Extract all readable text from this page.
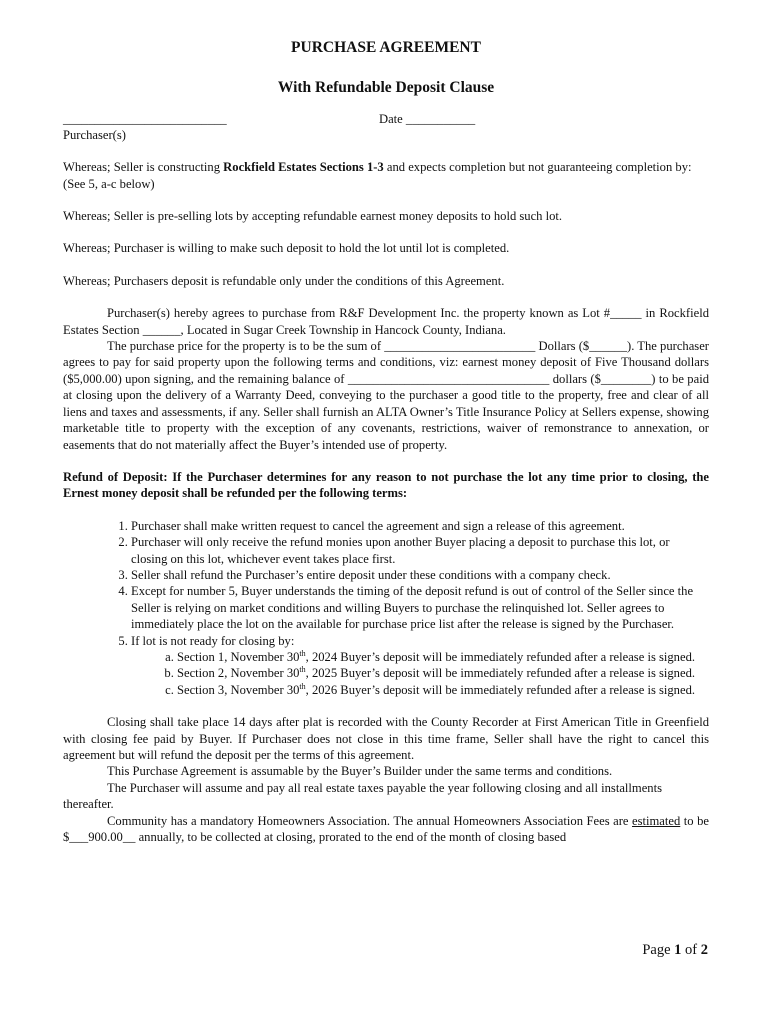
PURCHASE AGREEMENT

With Refundable Deposit Clause

__________________________	Date ___________

Purchaser(s)

Whereas; Seller is constructing Rockfield Estates Sections 1-3 and expects completion but not guaranteeing completion by: (See 5, a-c below)

Whereas; Seller is pre-selling lots by accepting refundable earnest money deposits to hold such lot.

Whereas; Purchaser is willing to make such deposit to hold the lot until lot is completed.

Whereas; Purchasers deposit is refundable only under the conditions of this Agreement.

Purchaser(s) hereby agrees to purchase from R&F Development Inc. the property known as Lot #_____ in Rockfield Estates Section ______, Located in Sugar Creek Township in Hancock County, Indiana.

The purchase price for the property is to be the sum of ________________________ Dollars ($______). The purchaser agrees to pay for said property upon the following terms and conditions, viz: earnest money deposit of Five Thousand dollars ($5,000.00) upon signing, and the remaining balance of ________________________________ dollars ($________) to be paid at closing upon the delivery of a Warranty Deed, conveying to the purchaser a good title to the property, free and clear of all liens and taxes and assessments, if any. Seller shall furnish an ALTA Owner’s Title Insurance Policy at Sellers expense, showing marketable title to property with the exception of any covenants, restrictions, waiver of remonstrance to annexation, or easements that do not materially affect the Buyer’s intended use of property.

Refund of Deposit: If the Purchaser determines for any reason to not purchase the lot any time prior to closing, the Ernest money deposit shall be refunded per the following terms:

1. Purchaser shall make written request to cancel the agreement and sign a release of this agreement.
2. Purchaser will only receive the refund monies upon another Buyer placing a deposit to purchase this lot, or closing on this lot, whichever event takes place first.
3. Seller shall refund the Purchaser’s entire deposit under these conditions with a company check.
4. Except for number 5, Buyer understands the timing of the deposit refund is out of control of the Seller since the Seller is relying on market conditions and willing Buyers to purchase the relinquished lot. Seller agrees to immediately place the lot on the available for purchase price list after the release is signed by the Purchaser.
5. If lot is not ready for closing by:
a. Section 1, November 30th, 2024 Buyer’s deposit will be immediately refunded after a release is signed.
b. Section 2, November 30th, 2025 Buyer’s deposit will be immediately refunded after a release is signed.
c. Section 3, November 30th, 2026 Buyer’s deposit will be immediately refunded after a release is signed.

Closing shall take place 14 days after plat is recorded with the County Recorder at First American Title in Greenfield with closing fee paid by Buyer. If Purchaser does not close in this time frame, Seller shall have the right to cancel this agreement but will refund the deposit per the terms of this agreement.

This Purchase Agreement is assumable by the Buyer’s Builder under the same terms and conditions.

The Purchaser will assume and pay all real estate taxes payable the year following closing and all installments thereafter.

Community has a mandatory Homeowners Association. The annual Homeowners Association Fees are estimated to be $___900.00__ annually, to be collected at closing, prorated to the end of the month of closing based

Page 1 of 2
